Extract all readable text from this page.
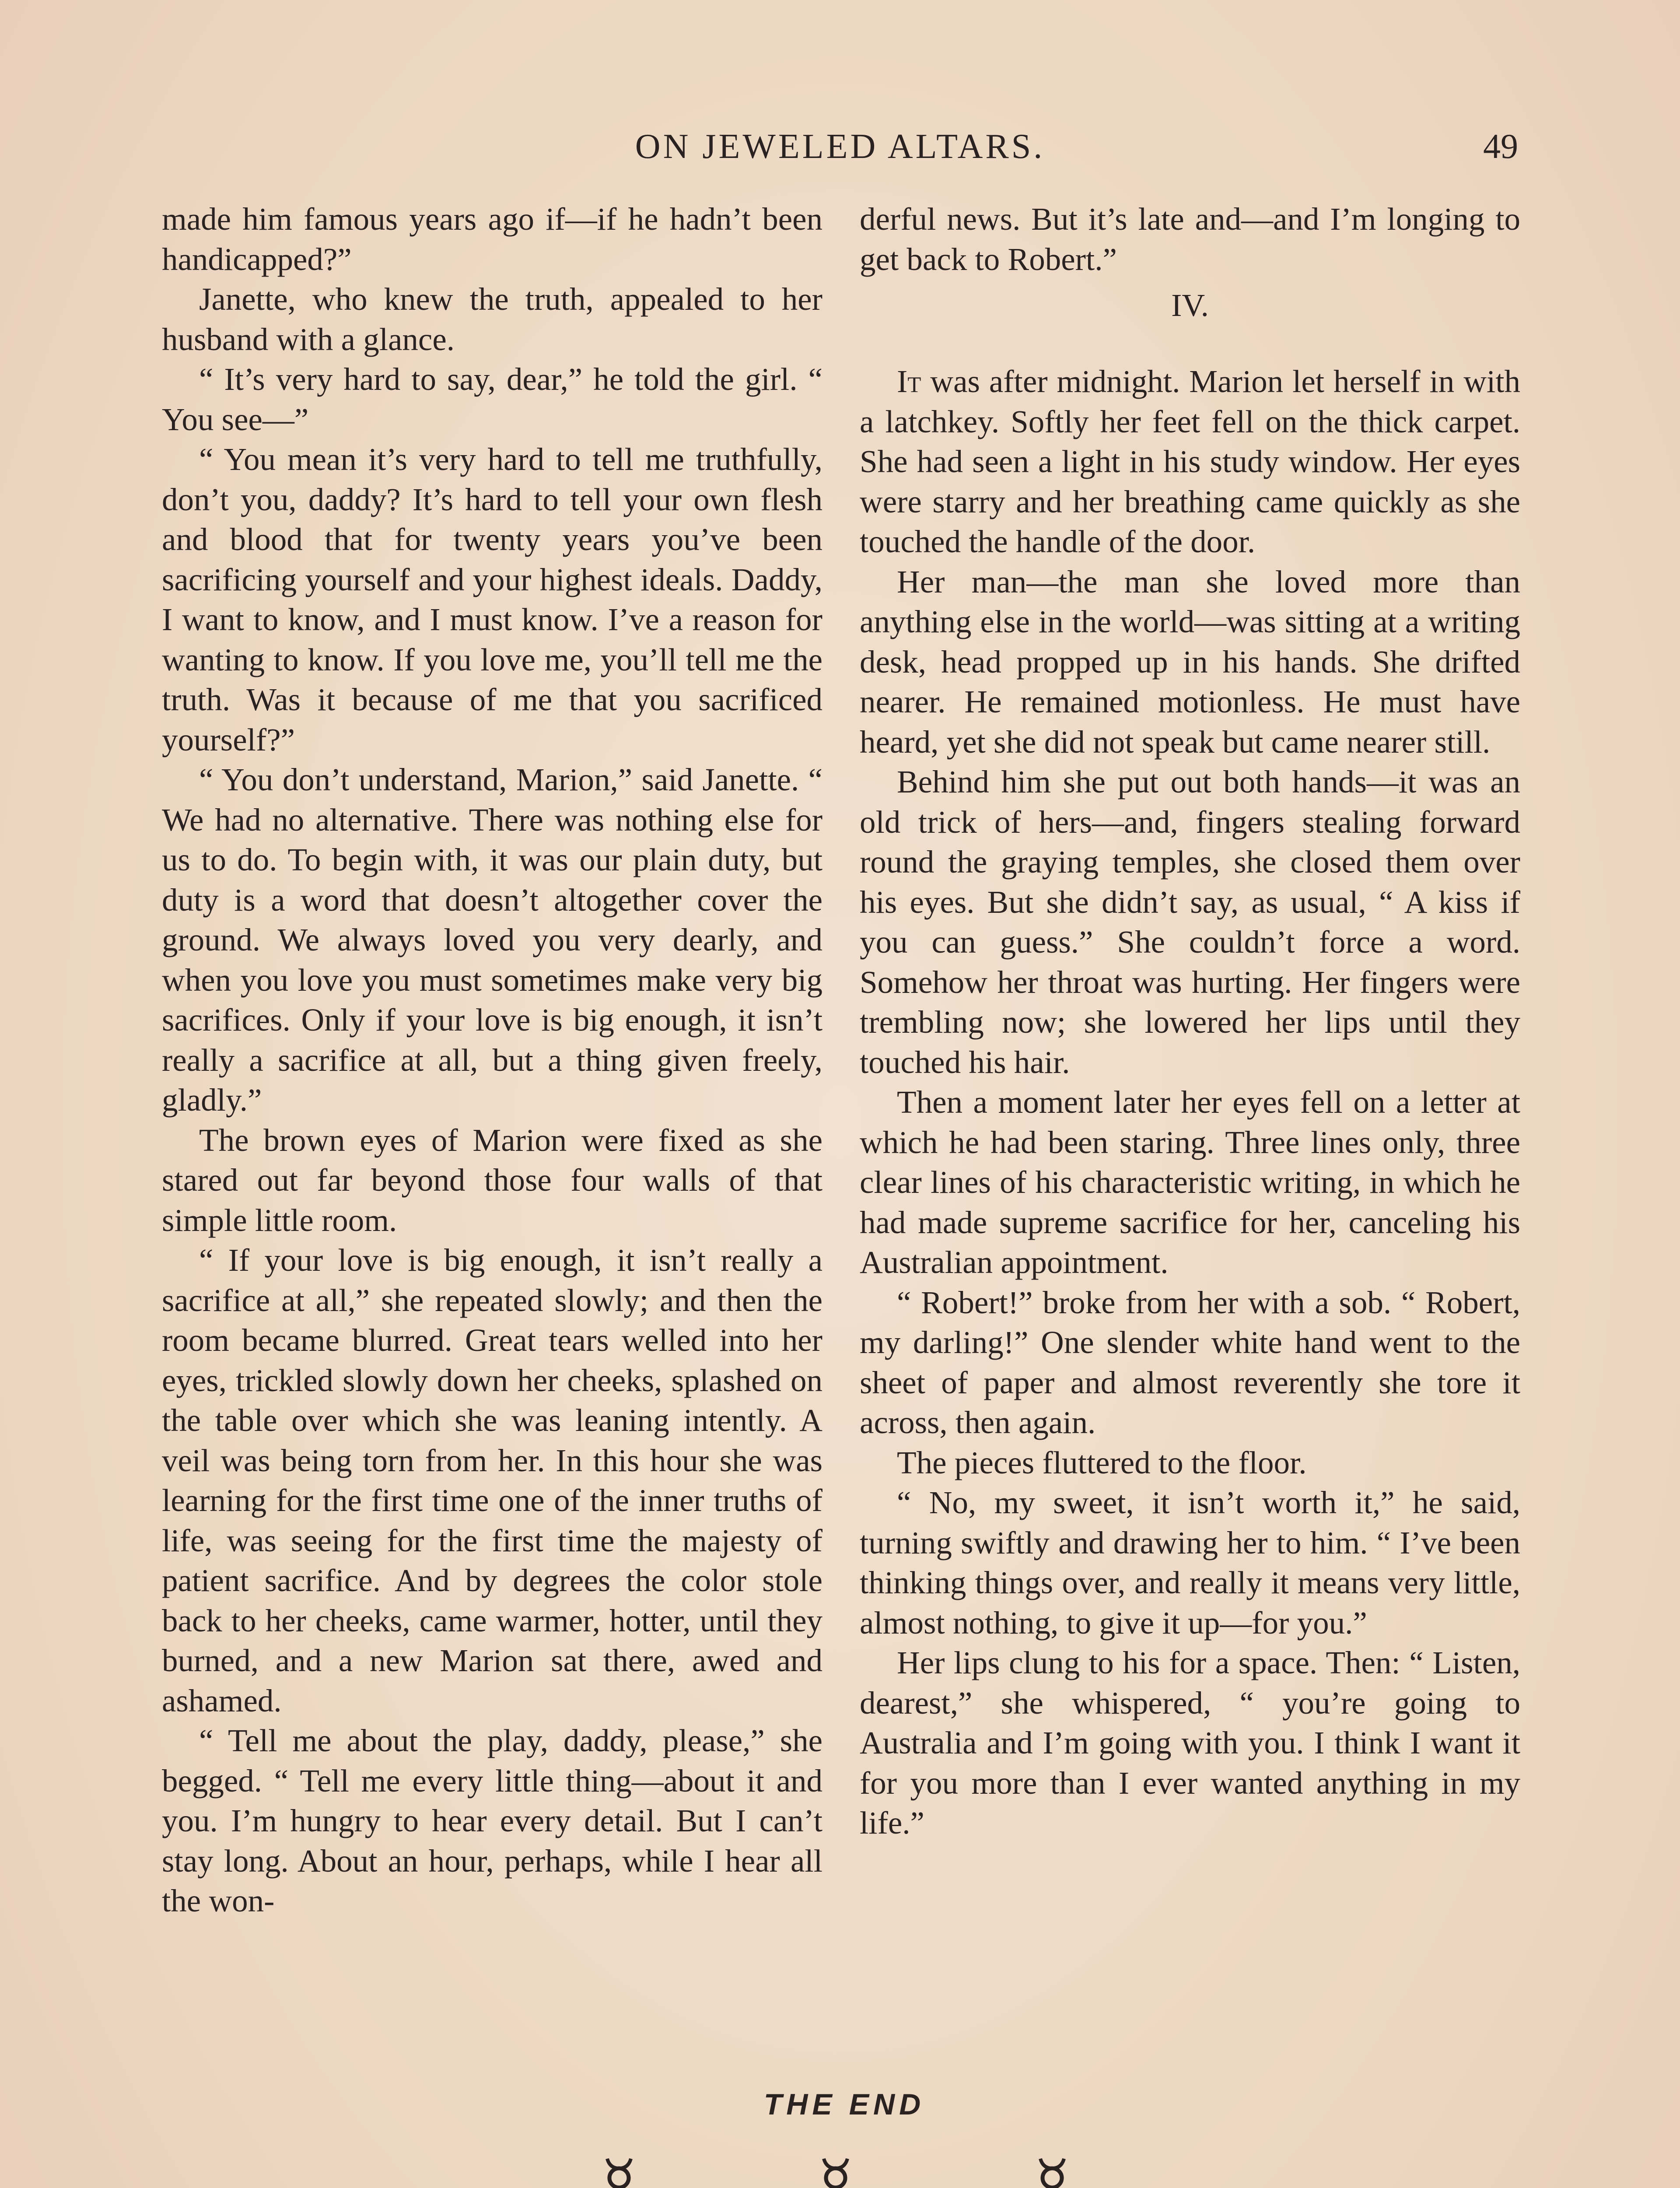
ON JEWELED ALTARS.	49

made him famous years ago if—if he hadn’t been handicapped?”

Janette, who knew the truth, appealed to her husband with a glance.

“ It’s very hard to say, dear,” he told the girl. “ You see—”

“ You mean it’s very hard to tell me truthfully, don’t you, daddy? It’s hard to tell your own flesh and blood that for twenty years you’ve been sacrificing yourself and your highest ideals. Daddy, I want to know, and I must know. I’ve a reason for wanting to know. If you love me, you’ll tell me the truth. Was it because of me that you sacrificed yourself?”

“ You don’t understand, Marion,” said Janette. “ We had no alternative. There was nothing else for us to do. To begin with, it was our plain duty, but duty is a word that doesn’t altogether cover the ground. We always loved you very dearly, and when you love you must sometimes make very big sacrifices. Only if your love is big enough, it isn’t really a sacrifice at all, but a thing given freely, gladly.”

The brown eyes of Marion were fixed as she stared out far beyond those four walls of that simple little room.

“ If your love is big enough, it isn’t really a sacrifice at all,” she repeated slowly; and then the room became blurred. Great tears welled into her eyes, trickled slowly down her cheeks, splashed on the table over which she was leaning intently. A veil was being torn from her. In this hour she was learning for the first time one of the inner truths of life, was seeing for the first time the majesty of patient sacrifice. And by degrees the color stole back to her cheeks, came warmer, hotter, until they burned, and a new Marion sat there, awed and ashamed.

“ Tell me about the play, daddy, please,” she begged. “ Tell me every little thing—about it and you. I’m hungry to hear every detail. But I can’t stay long. About an hour, perhaps, while I hear all the won-

derful news. But it’s late and—and I’m longing to get back to Robert.”

IV.

It was after midnight. Marion let herself in with a latchkey. Softly her feet fell on the thick carpet. She had seen a light in his study window. Her eyes were starry and her breathing came quickly as she touched the handle of the door.

Her man—the man she loved more than anything else in the world—was sitting at a writing desk, head propped up in his hands. She drifted nearer. He remained motionless. He must have heard, yet she did not speak but came nearer still.

Behind him she put out both hands—it was an old trick of hers—and, fingers stealing forward round the graying temples, she closed them over his eyes. But she didn’t say, as usual, “ A kiss if you can guess.” She couldn’t force a word. Somehow her throat was hurting. Her fingers were trembling now; she lowered her lips until they touched his hair.

Then a moment later her eyes fell on a letter at which he had been staring. Three lines only, three clear lines of his characteristic writing, in which he had made supreme sacrifice for her, canceling his Australian appointment.

“ Robert!” broke from her with a sob. “ Robert, my darling!” One slender white hand went to the sheet of paper and almost reverently she tore it across, then again.

The pieces fluttered to the floor.

“ No, my sweet, it isn’t worth it,” he said, turning swiftly and drawing her to him. “ I’ve been thinking things over, and really it means very little, almost nothing, to give it up—for you.”

Her lips clung to his for a space. Then: “ Listen, dearest,” she whispered, “ you’re going to Australia and I’m going with you. I think I want it for you more than I ever wanted anything in my life.”

THE END
